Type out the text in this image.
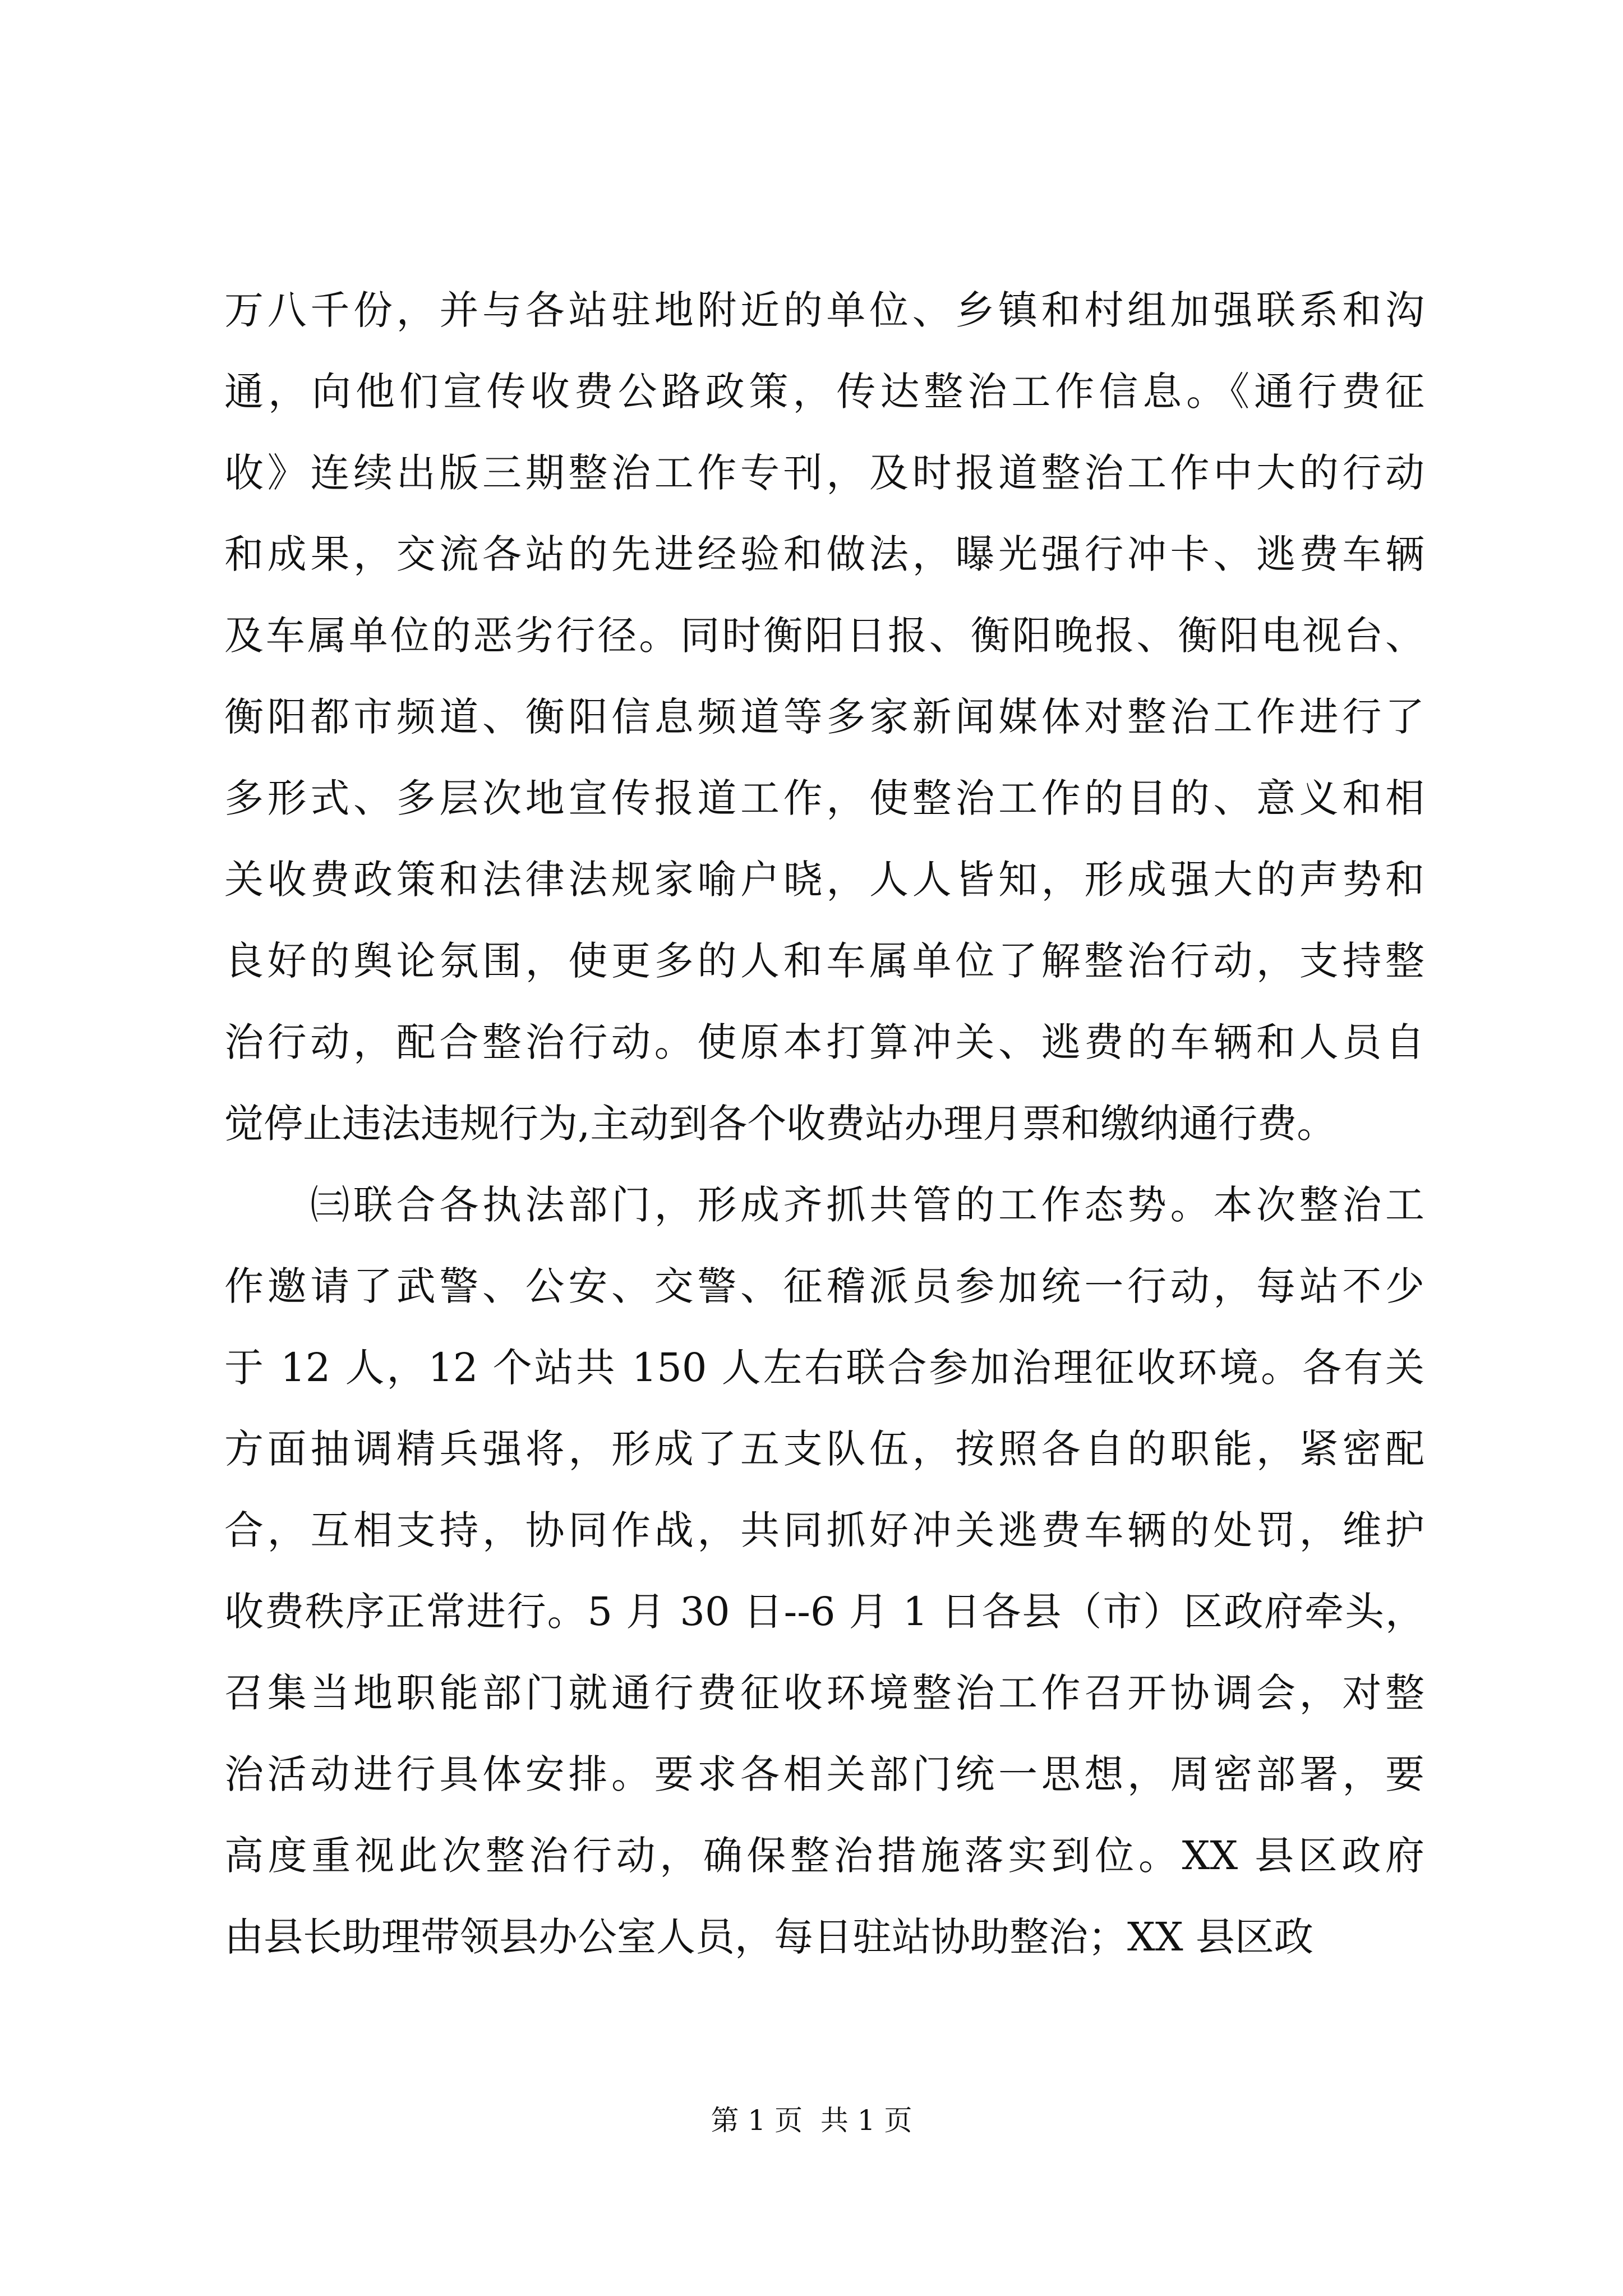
万八千份，并与各站驻地附近的单位、乡镇和村组加强联系和沟
通，向他们宣传收费公路政策，传达整治工作信息。《通行费征
收》连续出版三期整治工作专刊，及时报道整治工作中大的行动
和成果，交流各站的先进经验和做法，曝光强行冲卡、逃费车辆
及车属单位的恶劣行径。同时衡阳日报、衡阳晚报、衡阳电视台、
衡阳都市频道、衡阳信息频道等多家新闻媒体对整治工作进行了
多形式、多层次地宣传报道工作，使整治工作的目的、意义和相
关收费政策和法律法规家喻户晓，人人皆知，形成强大的声势和
良好的舆论氛围，使更多的人和车属单位了解整治行动，支持整
治行动，配合整治行动。使原本打算冲关、逃费的车辆和人员自
觉停止违法违规行为,主动到各个收费站办理月票和缴纳通行费。
　　㈢联合各执法部门，形成齐抓共管的工作态势。本次整治工
作邀请了武警、公安、交警、征稽派员参加统一行动，每站不少
于 12 人，12 个站共 150 人左右联合参加治理征收环境。各有关
方面抽调精兵强将，形成了五支队伍，按照各自的职能，紧密配
合，互相支持，协同作战，共同抓好冲关逃费车辆的处罚，维护
收费秩序正常进行。5 月 30 日--6 月 1 日各县（市）区政府牵头，
召集当地职能部门就通行费征收环境整治工作召开协调会，对整
治活动进行具体安排。要求各相关部门统一思想，周密部署，要
高度重视此次整治行动，确保整治措施落实到位。XX 县区政府
由县长助理带领县办公室人员，每日驻站协助整治；XX 县区政
第 1 页  共 1 页
